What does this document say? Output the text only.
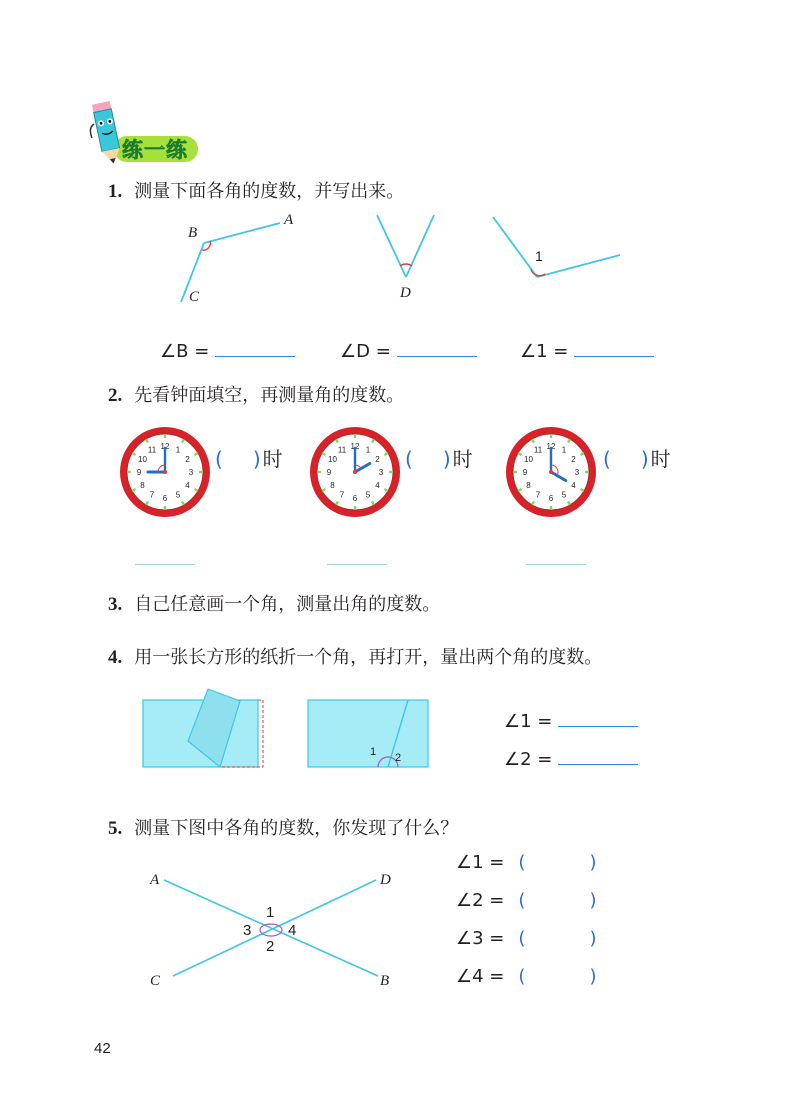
练一练
1. 测量下面各角的度数，并写出来。
A
B
C	D
1
∠B =	∠D =	∠1 =
2. 先看钟面填空，再测量角的度数。
12 1
2
3
4
5
6
7
8
9
10
11	12 1
2
3
4
5
6
7
8
9
10
11	12 1
2
3
4
5
6
7
8
9
10
11
( ) 时	( ) 时	( ) 时
3. 自己任意画一个角，测量出角的度数。
4. 用一张长方形的纸折一个角，再打开，量出两个角的度数。
1 2
∠1 =
∠2 =
5. 测量下图中各角的度数，你发现了什么？
A	D
C	B
1
2
3 4
∠1 = (	)
∠2 = (	)
∠3 = (	)
∠4 = (	)
42
